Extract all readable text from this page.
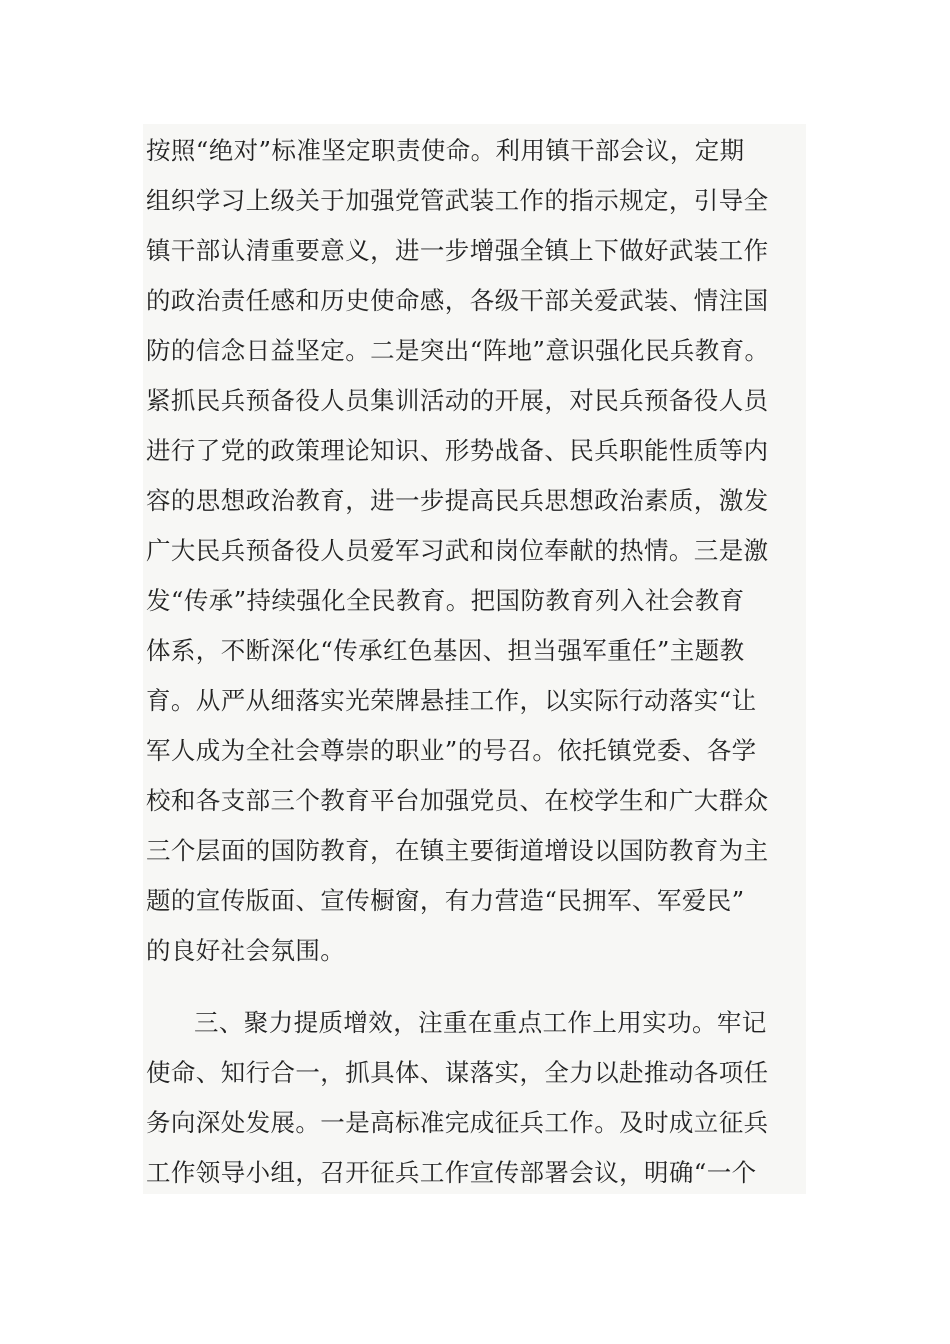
按照“绝对”标准坚定职责使命。利用镇干部会议，定期
组织学习上级关于加强党管武装工作的指示规定，引导全
镇干部认清重要意义，进一步增强全镇上下做好武装工作
的政治责任感和历史使命感，各级干部关爱武装、情注国
防的信念日益坚定。二是突出“阵地”意识强化民兵教育。
紧抓民兵预备役人员集训活动的开展，对民兵预备役人员
进行了党的政策理论知识、形势战备、民兵职能性质等内
容的思想政治教育，进一步提高民兵思想政治素质，激发
广大民兵预备役人员爱军习武和岗位奉献的热情。三是激
发“传承”持续强化全民教育。把国防教育列入社会教育
体系，不断深化“传承红色基因、担当强军重任”主题教
育。从严从细落实光荣牌悬挂工作，以实际行动落实“让
军人成为全社会尊崇的职业”的号召。依托镇党委、各学
校和各支部三个教育平台加强党员、在校学生和广大群众
三个层面的国防教育，在镇主要街道增设以国防教育为主
题的宣传版面、宣传橱窗，有力营造“民拥军、军爱民”
的良好社会氛围。
三、聚力提质增效，注重在重点工作上用实功。牢记
使命、知行合一，抓具体、谋落实，全力以赴推动各项任
务向深处发展。一是高标准完成征兵工作。及时成立征兵
工作领导小组，召开征兵工作宣传部署会议，明确“一个
